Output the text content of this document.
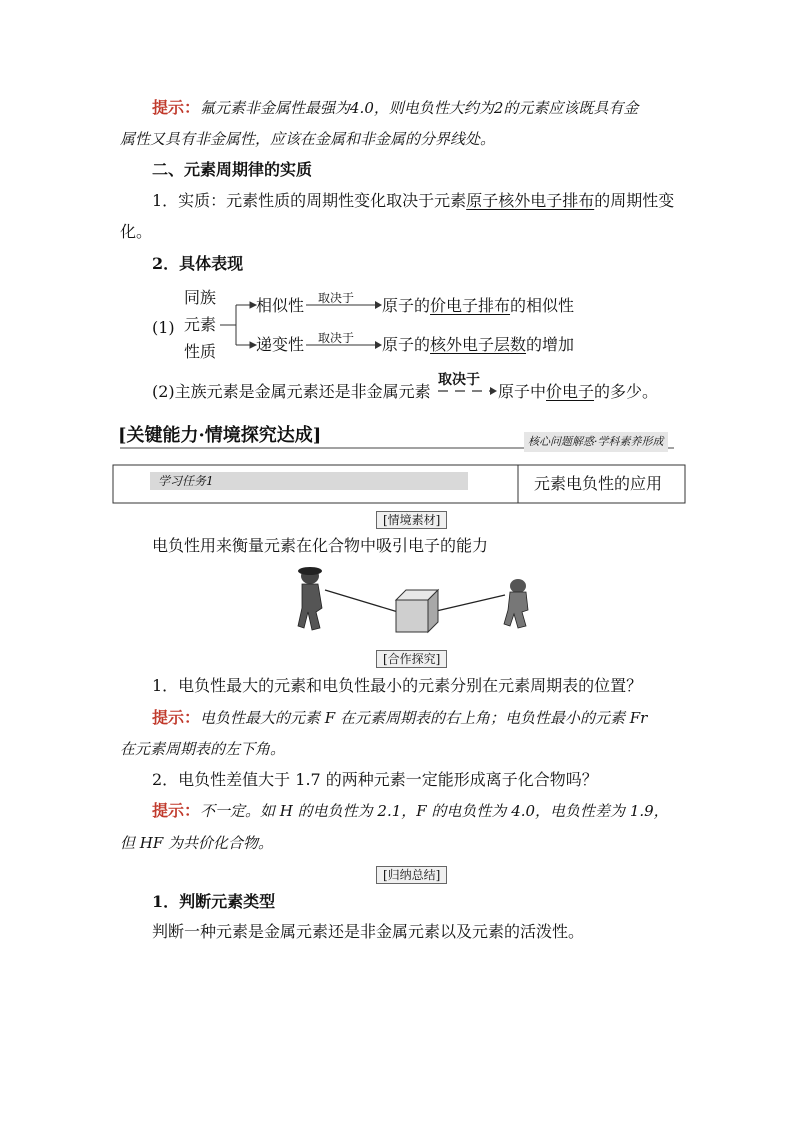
提示：氟元素非金属性最强为4.0，则电负性大约为2的元素应该既具有金
属性又具有非金属性，应该在金属和非金属的分界线处。
二、元素周期律的实质
1．实质：元素性质的周期性变化取决于元素原子核外电子排布的周期性变
化。
2．具体表现
(1)
同族
元素
性质
取决于
相似性	原子的价电子排布的相似性
取决于
递变性	原子的核外电子层数的增加
(2)主族元素是金属元素还是非金属元素
取决于
原子中价电子的多少。
[关键能力·情境探究达成]	核心问题解惑·学科素养形成
学习任务1	元素电负性的应用
[情境素材]
电负性用来衡量元素在化合物中吸引电子的能力
[合作探究]
1．电负性最大的元素和电负性最小的元素分别在元素周期表的位置？
提示：电负性最大的元素 F 在元素周期表的右上角；电负性最小的元素 Fr
在元素周期表的左下角。
2．电负性差值大于 1.7 的两种元素一定能形成离子化合物吗？
提示：不一定。如 H 的电负性为 2.1，F 的电负性为 4.0，电负性差为 1.9，
但 HF 为共价化合物。
[归纳总结]
1．判断元素类型
判断一种元素是金属元素还是非金属元素以及元素的活泼性。
